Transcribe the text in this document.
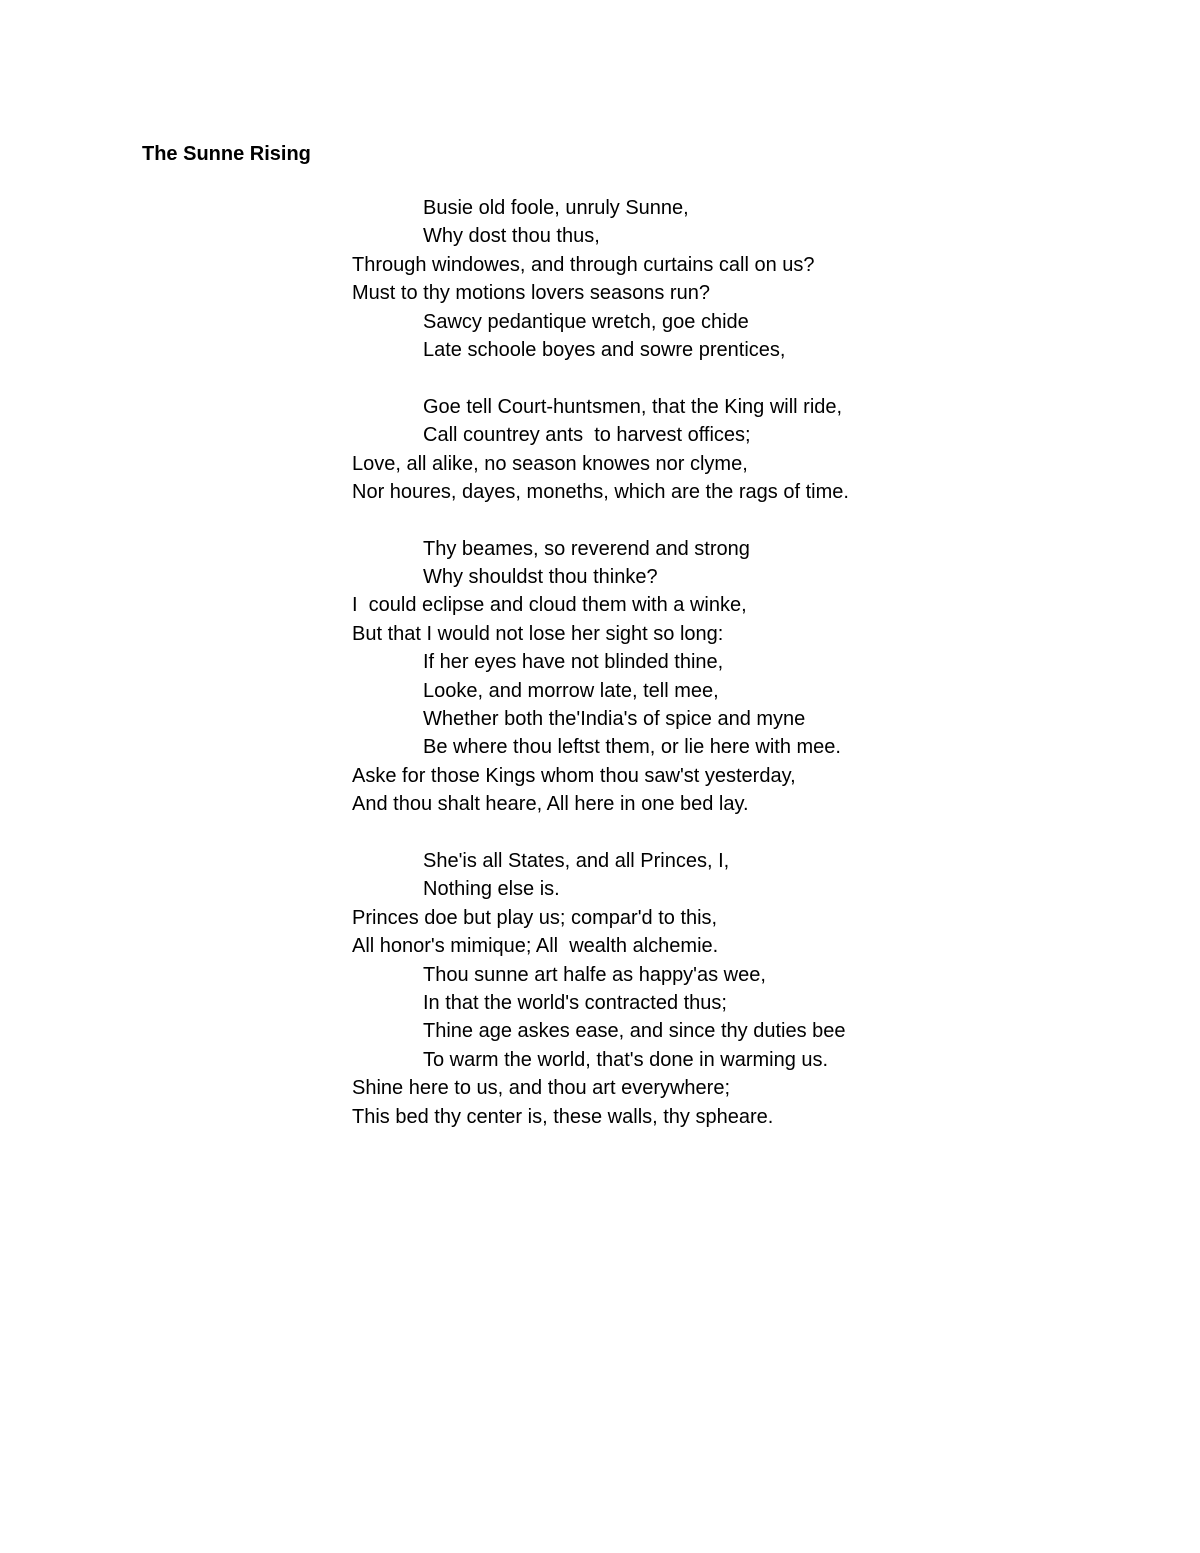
The Sunne Rising
Busie old foole, unruly Sunne,
Why dost thou thus,
Through windowes, and through curtains call on us?
Must to thy motions lovers seasons run?
Sawcy pedantique wretch, goe chide
Late schoole boyes and sowre prentices,
Goe tell Court-huntsmen, that the King will ride,
Call countrey ants  to harvest offices;
Love, all alike, no season knowes nor clyme,
Nor houres, dayes, moneths, which are the rags of time.
Thy beames, so reverend and strong
Why shouldst thou thinke?
I  could eclipse and cloud them with a winke,
But that I would not lose her sight so long:
If her eyes have not blinded thine,
Looke, and morrow late, tell mee,
Whether both the'India's of spice and myne
Be where thou leftst them, or lie here with mee.
Aske for those Kings whom thou saw'st yesterday,
And thou shalt heare, All here in one bed lay.
She'is all States, and all Princes, I,
Nothing else is.
Princes doe but play us; compar'd to this,
All honor's mimique; All  wealth alchemie.
Thou sunne art halfe as happy'as wee,
In that the world's contracted thus;
Thine age askes ease, and since thy duties bee
To warm the world, that's done in warming us.
Shine here to us, and thou art everywhere;
This bed thy center is, these walls, thy spheare.
